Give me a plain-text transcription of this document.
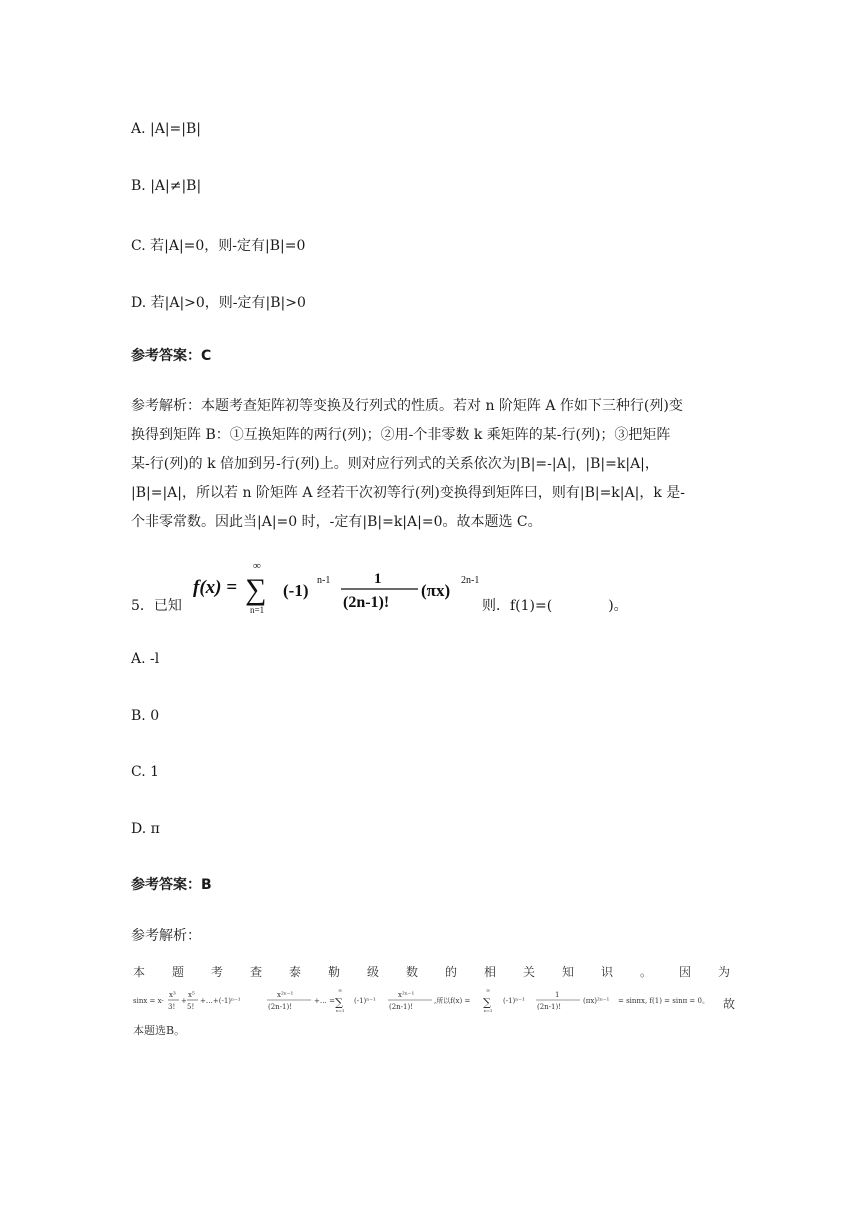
A. |A|=|B|
B. |A|≠|B|
C. 若|A|=0，则-定有|B|=0
D. 若|A|>0，则-定有|B|>0
参考答案：C
参考解析：本题考查矩阵初等变换及行列式的性质。若对 n 阶矩阵 A 作如下三种行(列)变
换得到矩阵 B：①互换矩阵的两行(列)；②用-个非零数 k 乘矩阵的某-行(列)；③把矩阵
某-行(列)的 k 倍加到另-行(列)上。则对应行列式的关系依次为|B|=-|A|，|B|=k|A|，
|B|=|A|，所以若 n 阶矩阵 A 经若干次初等行(列)变换得到矩阵曰，则有|B|=k|A|，k 是-
个非零常数。因此当|A|=0 时，-定有|B|=k|A|=0。故本题选 C。
5．已知
f(x) =
∞
∑
n=1
(-1)
n-1	1
(2n-1)!
(πx)
2n-1
则．f(1)=(　　　　)。
A. -l
B. 0
C. 1
D. π
参考答案：B
参考解析：
本 题 考 查 泰 勒 级 数 的 相 关 知 识 。 因 为
sinx = x-
x³
3!
+
x⁵
5!
+…+(-1)ⁿ⁻¹
x²ⁿ⁻¹
(2n-1)!
+… =
∞
∑
n=1
(-1)ⁿ⁻¹
x²ⁿ⁻¹
(2n-1)!
,所以f(x) =
∞
∑
n=1
(-1)ⁿ⁻¹
1
(2n-1)!
(πx)²ⁿ⁻¹ = sinπx, f(1) = sinπ = 0。 故
本题选B。
